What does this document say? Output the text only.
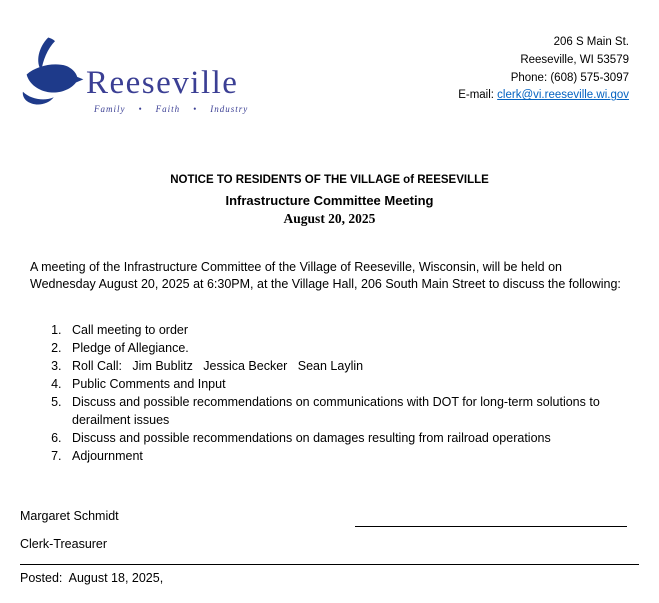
Reeseville
Family    •    Faith    •    Industry
206 S Main St.
Reeseville, WI 53579
Phone: (608) 575-3097
E-mail: clerk@vi.reeseville.wi.gov
NOTICE TO RESIDENTS OF THE VILLAGE of REESEVILLE
Infrastructure Committee Meeting
August 20, 2025

A meeting of the Infrastructure Committee of the Village of Reeseville, Wisconsin, will be held on Wednesday August 20, 2025 at 6:30PM, at the Village Hall, 206 South Main Street to discuss the following:

1. Call meeting to order
2. Pledge of Allegiance.
3. Roll Call:   Jim Bublitz   Jessica Becker   Sean Laylin
4. Public Comments and Input
5. Discuss and possible recommendations on communications with DOT for long-term solutions to derailment issues
6. Discuss and possible recommendations on damages resulting from railroad operations
7. Adjournment
Margaret Schmidt
Clerk-Treasurer
Posted:  August 18, 2025,
